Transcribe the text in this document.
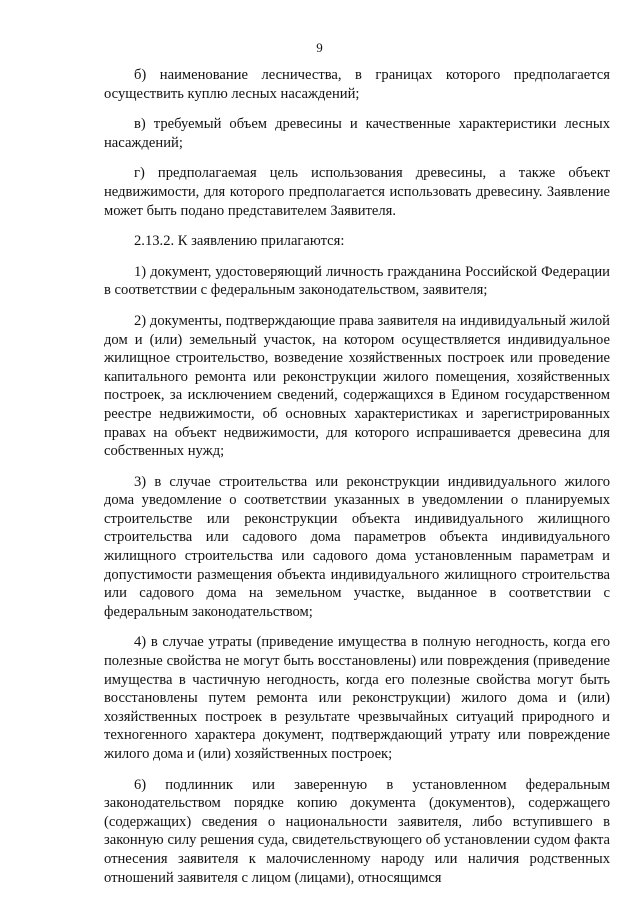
9

б) наименование лесничества, в границах которого предполагается осуществить куплю лесных насаждений;

в) требуемый объем древесины и качественные характеристики лесных насаждений;

г) предполагаемая цель использования древесины, а также объект недвижимости, для которого предполагается использовать древесину. Заявление может быть подано представителем Заявителя.

2.13.2. К заявлению прилагаются:

1) документ, удостоверяющий личность гражданина Российской Федерации в соответствии с федеральным законодательством, заявителя;

2) документы, подтверждающие права заявителя на индивидуальный жилой дом и (или) земельный участок, на котором осуществляется индивидуальное жилищное строительство, возведение хозяйственных построек или проведение капитального ремонта или реконструкции жилого помещения, хозяйственных построек, за исключением сведений, содержащихся в Едином государственном реестре недвижимости, об основных характеристиках и зарегистрированных правах на объект недвижимости, для которого испрашивается древесина для собственных нужд;

3) в случае строительства или реконструкции индивидуального жилого дома уведомление о соответствии указанных в уведомлении о планируемых строительстве или реконструкции объекта индивидуального жилищного строительства или садового дома параметров объекта индивидуального жилищного строительства или садового дома установленным параметрам и допустимости размещения объекта индивидуального жилищного строительства или садового дома на земельном участке, выданное в соответствии с федеральным законодательством;

4) в случае утраты (приведение имущества в полную негодность, когда его полезные свойства не могут быть восстановлены) или повреждения (приведение имущества в частичную негодность, когда его полезные свойства могут быть восстановлены путем ремонта или реконструкции) жилого дома и (или) хозяйственных построек в результате чрезвычайных ситуаций природного и техногенного характера документ, подтверждающий утрату или повреждение жилого дома и (или) хозяйственных построек;

6) подлинник или заверенную в установленном федеральным законодательством порядке копию документа (документов), содержащего (содержащих) сведения о национальности заявителя, либо вступившего в законную силу решения суда, свидетельствующего об установлении судом факта отнесения заявителя к малочисленному народу или наличия родственных отношений заявителя с лицом (лицами), относящимся
